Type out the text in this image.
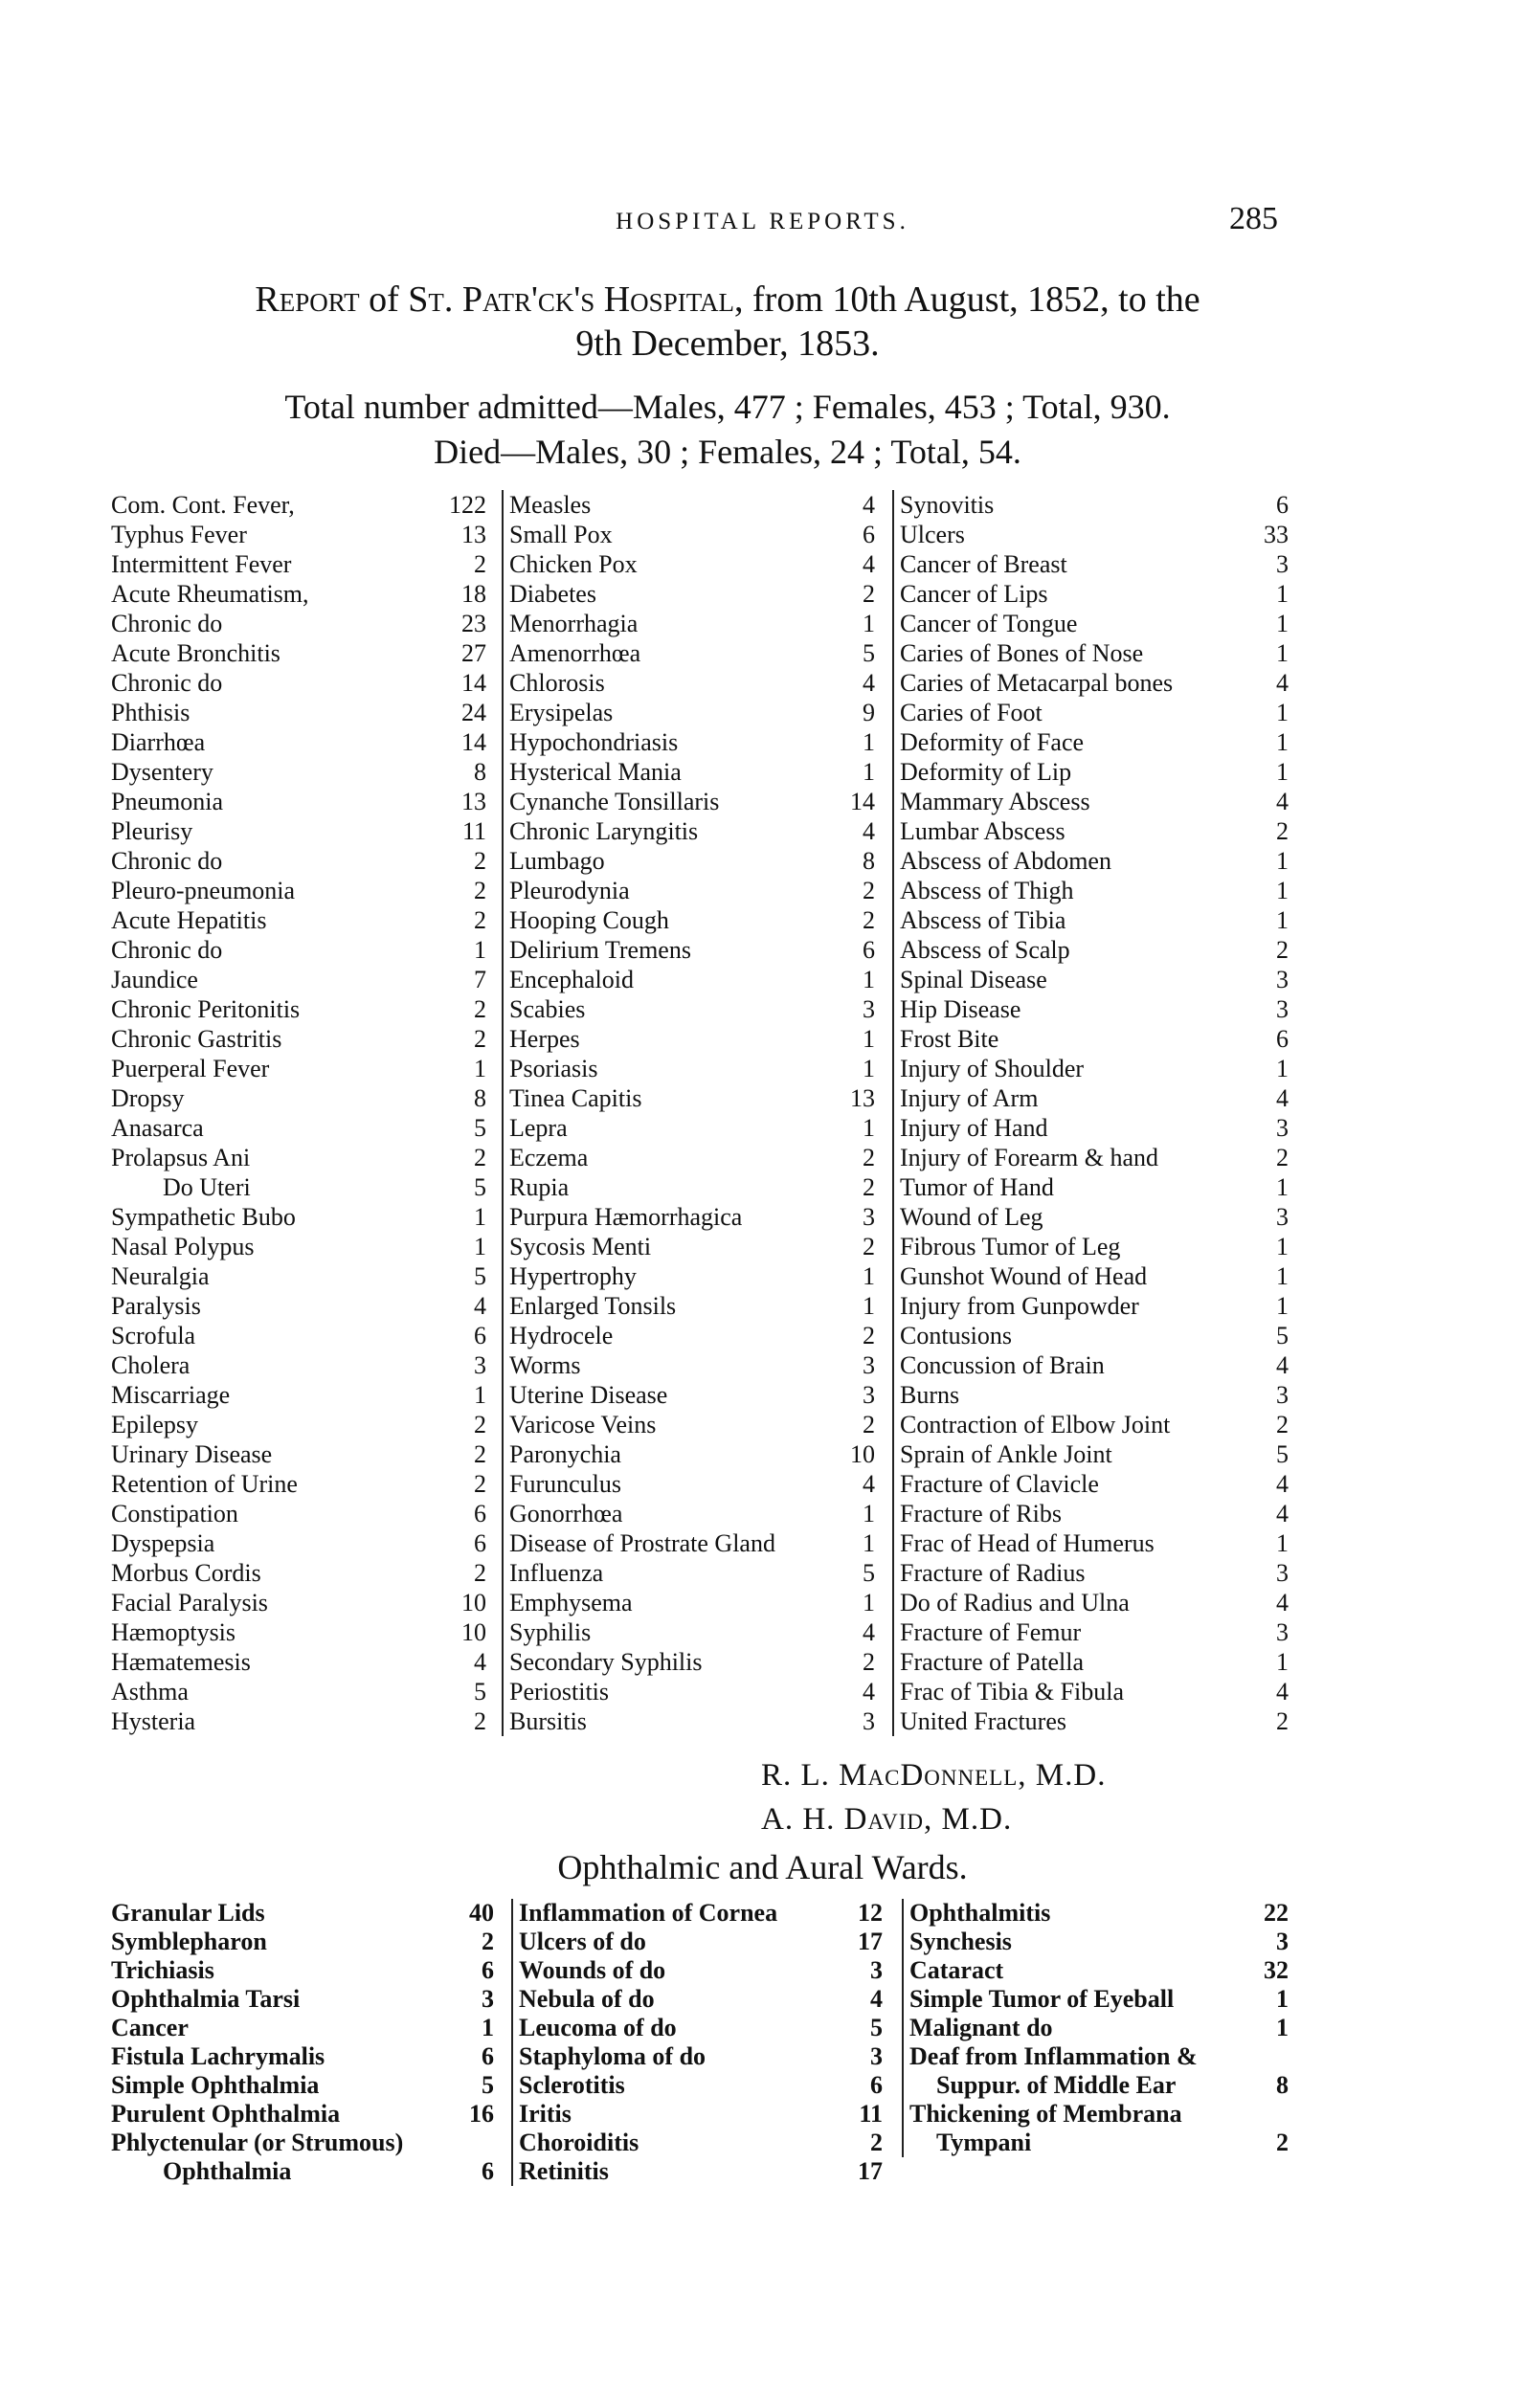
HOSPITAL REPORTS.	285
Report of St. Patr'ck's Hospital, from 10th August, 1852, to the
9th December, 1853.
Total number admitted—Males, 477 ; Females, 453 ; Total, 930.
Died—Males, 30 ; Females, 24 ; Total, 54.
Com. Cont. Fever,	122
Typhus Fever	13
Intermittent Fever	2
Acute Rheumatism,	18
Chronic do	23
Acute Bronchitis	27
Chronic do	14
Phthisis	24
Diarrhœa	14
Dysentery	8
Pneumonia	13
Pleurisy	11
Chronic do	2
Pleuro-pneumonia	2
Acute Hepatitis	2
Chronic do	1
Jaundice	7
Chronic Peritonitis	2
Chronic Gastritis	2
Puerperal Fever	1
Dropsy	8
Anasarca	5
Prolapsus Ani	2
Do Uteri	5
Sympathetic Bubo	1
Nasal Polypus	1
Neuralgia	5
Paralysis	4
Scrofula	6
Cholera	3
Miscarriage	1
Epilepsy	2
Urinary Disease	2
Retention of Urine	2
Constipation	6
Dyspepsia	6
Morbus Cordis	2
Facial Paralysis	10
Hæmoptysis	10
Hæmatemesis	4
Asthma	5
Hysteria	2
Measles	4
Small Pox	6
Chicken Pox	4
Diabetes	2
Menorrhagia	1
Amenorrhœa	5
Chlorosis	4
Erysipelas	9
Hypochondriasis	1
Hysterical Mania	1
Cynanche Tonsillaris	14
Chronic Laryngitis	4
Lumbago	8
Pleurodynia	2
Hooping Cough	2
Delirium Tremens	6
Encephaloid	1
Scabies	3
Herpes	1
Psoriasis	1
Tinea Capitis	13
Lepra	1
Eczema	2
Rupia	2
Purpura Hæmorrhagica	3
Sycosis Menti	2
Hypertrophy	1
Enlarged Tonsils	1
Hydrocele	2
Worms	3
Uterine Disease	3
Varicose Veins	2
Paronychia	10
Furunculus	4
Gonorrhœa	1
Disease of Prostrate Gland	1
Influenza	5
Emphysema	1
Syphilis	4
Secondary Syphilis	2
Periostitis	4
Bursitis	3
Synovitis	6
Ulcers	33
Cancer of Breast	3
Cancer of Lips	1
Cancer of Tongue	1
Caries of Bones of Nose	1
Caries of Metacarpal bones	4
Caries of Foot	1
Deformity of Face	1
Deformity of Lip	1
Mammary Abscess	4
Lumbar Abscess	2
Abscess of Abdomen	1
Abscess of Thigh	1
Abscess of Tibia	1
Abscess of Scalp	2
Spinal Disease	3
Hip Disease	3
Frost Bite	6
Injury of Shoulder	1
Injury of Arm	4
Injury of Hand	3
Injury of Forearm & hand	2
Tumor of Hand	1
Wound of Leg	3
Fibrous Tumor of Leg	1
Gunshot Wound of Head	1
Injury from Gunpowder	1
Contusions	5
Concussion of Brain	4
Burns	3
Contraction of Elbow Joint	2
Sprain of Ankle Joint	5
Fracture of Clavicle	4
Fracture of Ribs	4
Frac of Head of Humerus	1
Fracture of Radius	3
Do of Radius and Ulna	4
Fracture of Femur	3
Fracture of Patella	1
Frac of Tibia & Fibula	4
United Fractures	2
R. L. MacDonnell, M.D.
A. H. David, M.D.
Ophthalmic and Aural Wards.
Granular Lids	40
Symblepharon	2
Trichiasis	6
Ophthalmia Tarsi	3
Cancer	1
Fistula Lachrymalis	6
Simple Ophthalmia	5
Purulent Ophthalmia	16
Phlyctenular (or Strumous)
Ophthalmia	6
Inflammation of Cornea	12
Ulcers of do	17
Wounds of do	3
Nebula of do	4
Leucoma of do	5
Staphyloma of do	3
Sclerotitis	6
Iritis	11
Choroiditis	2
Retinitis	17
Ophthalmitis	22
Synchesis	3
Cataract	32
Simple Tumor of Eyeball	1
Malignant do	1
Deaf from Inflammation &
Suppur. of Middle Ear	8
Thickening of Membrana
Tympani	2
